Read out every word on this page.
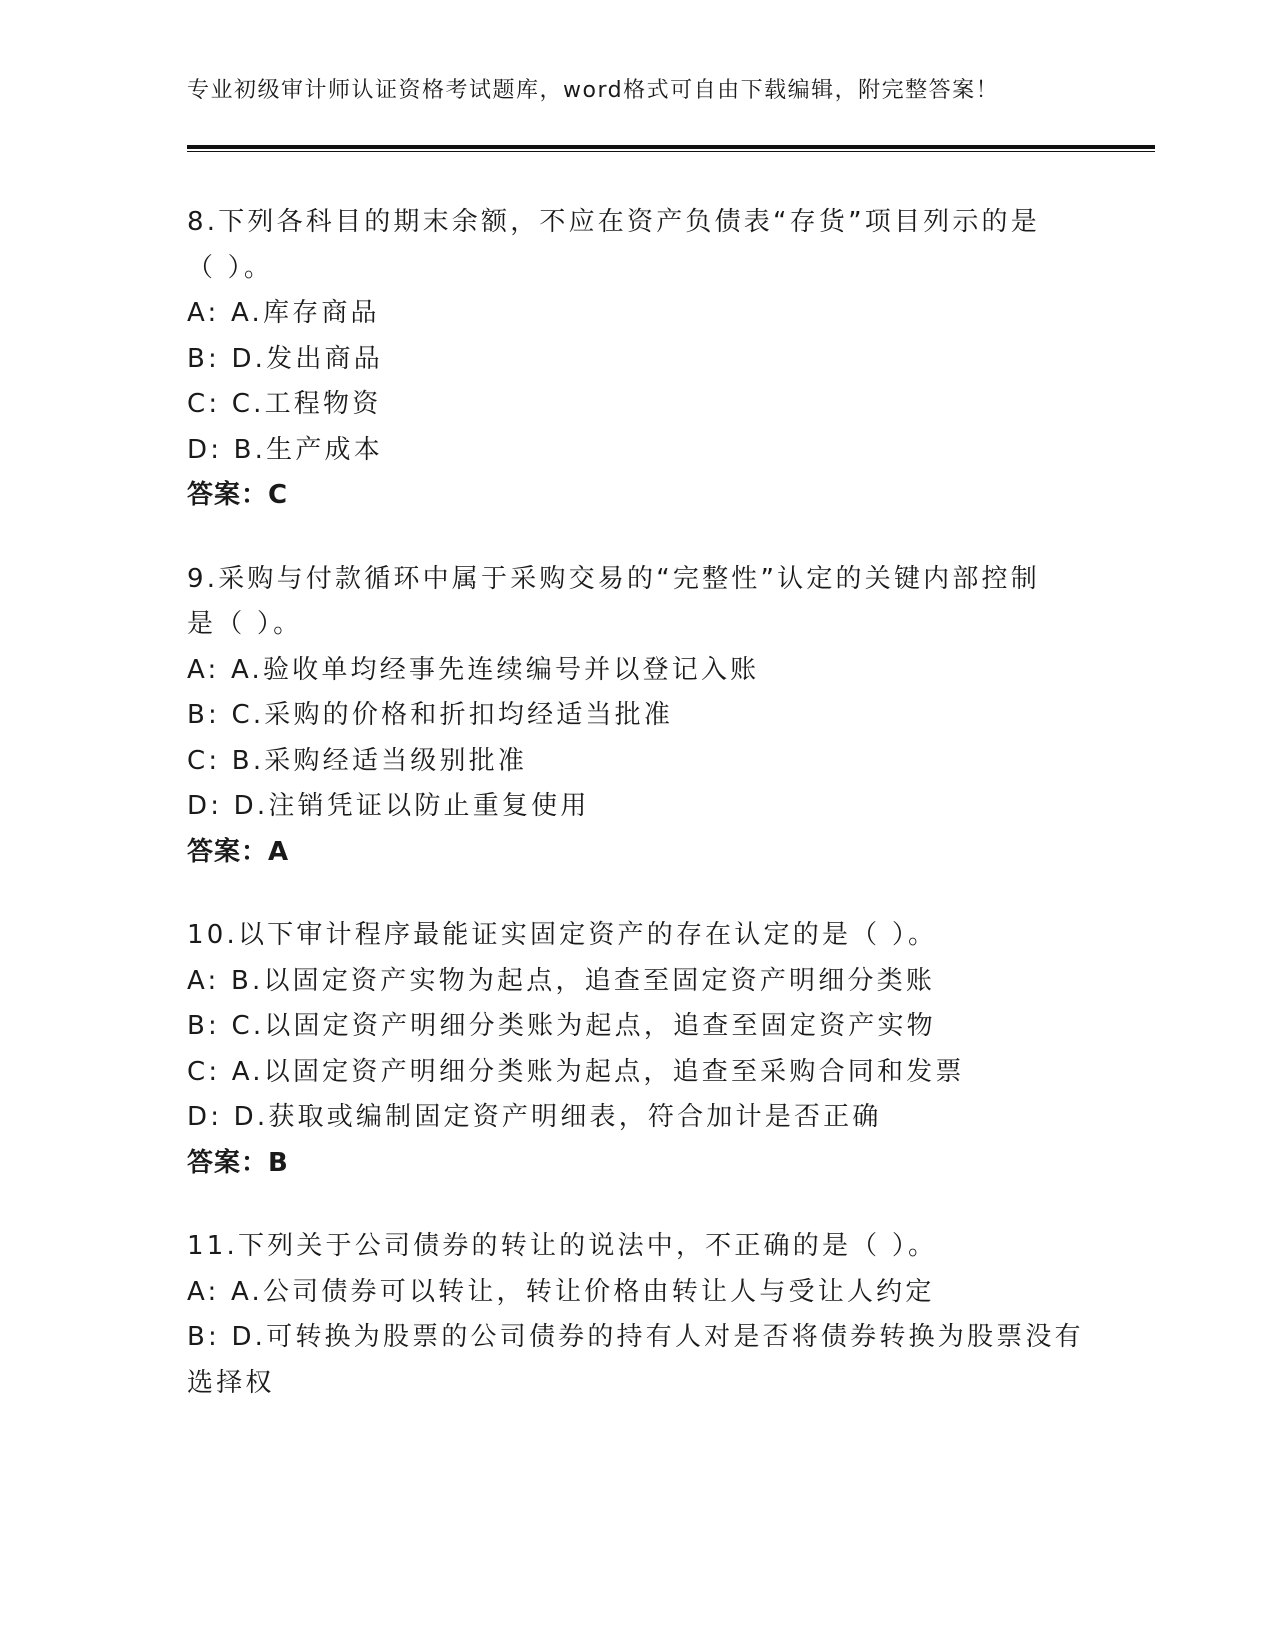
专业初级审计师认证资格考试题库，word格式可自由下载编辑，附完整答案！
8.下列各科目的期末余额，不应在资产负债表“存货”项目列示的是
（ ）。
A: A.库存商品
B: D.发出商品
C: C.工程物资
D: B.生产成本
答案：C
9.采购与付款循环中属于采购交易的“完整性”认定的关键内部控制
是（ ）。
A: A.验收单均经事先连续编号并以登记入账
B: C.采购的价格和折扣均经适当批准
C: B.采购经适当级别批准
D: D.注销凭证以防止重复使用
答案：A
10.以下审计程序最能证实固定资产的存在认定的是（ ）。
A: B.以固定资产实物为起点，追查至固定资产明细分类账
B: C.以固定资产明细分类账为起点，追查至固定资产实物
C: A.以固定资产明细分类账为起点，追查至采购合同和发票
D: D.获取或编制固定资产明细表，符合加计是否正确
答案：B
11.下列关于公司债券的转让的说法中，不正确的是（ ）。
A: A.公司债券可以转让，转让价格由转让人与受让人约定
B: D.可转换为股票的公司债券的持有人对是否将债券转换为股票没有
选择权
